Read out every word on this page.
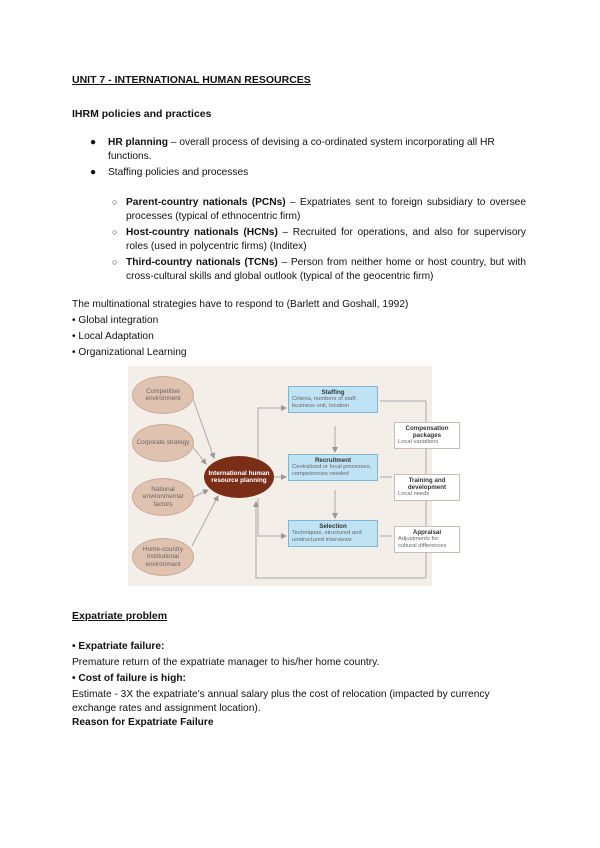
UNIT 7 - INTERNATIONAL HUMAN RESOURCES
IHRM policies and practices
● HR planning – overall process of devising a co-ordinated system incorporating all HR functions.
● Staffing policies and processes
○ Parent-country nationals (PCNs) – Expatriates sent to foreign subsidiary to oversee processes (typical of ethnocentric firm)
○ Host-country nationals (HCNs) – Recruited for operations, and also for supervisory roles (used in polycentric firms) (Inditex)
○ Third-country nationals (TCNs) – Person from neither home or host country, but with cross-cultural skills and global outlook (typical of the geocentric firm)
The multinational strategies have to respond to (Barlett and Goshall, 1992)
• Global integration
• Local Adaptation
• Organizational Learning
Competitive environment
Corporate strategy
National environmental factors
Home-country institutional environment
International human resource planning
Staffing
Criteria, numbers of staff, business unit, location
Recruitment
Centralized or local processes, competencies needed
Selection
Techniques, structured and unstructured interviews
Compensation packages
Local variations
Training and development
Local needs
Appraisal
Adjustments for cultural differences
Expatriate problem
• Expatriate failure:
Premature return of the expatriate manager to his/her home country.
• Cost of failure is high:
Estimate - 3X the expatriate's annual salary plus the cost of relocation (impacted by currency exchange rates and assignment location).
Reason for Expatriate Failure
